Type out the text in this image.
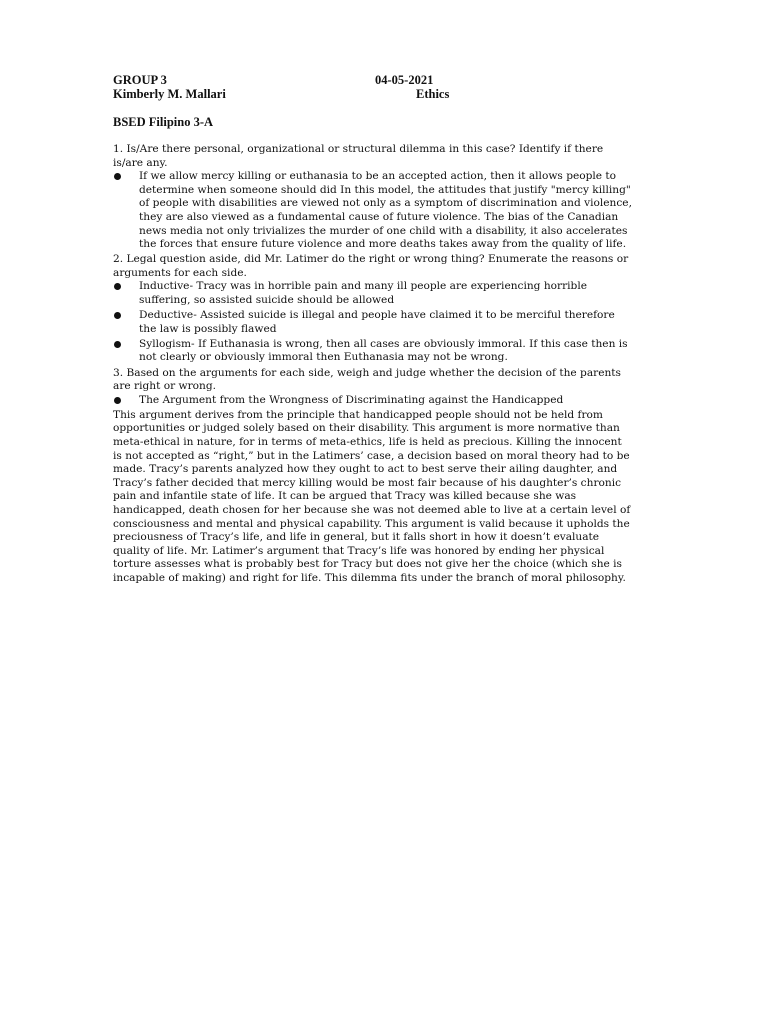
GROUP 3	04-05-2021
Kimberly M. Mallari	Ethics
BSED Filipino 3-A

1. Is/Are there personal, organizational or structural dilemma in this case? Identify if there is/are any.

If we allow mercy killing or euthanasia to be an accepted action, then it allows people to determine when someone should did In this model, the attitudes that justify "mercy killing" of people with disabilities are viewed not only as a symptom of discrimination and violence, they are also viewed as a fundamental cause of future violence. The bias of the Canadian news media not only trivializes the murder of one child with a disability, it also accelerates the forces that ensure future violence and more deaths takes away from the quality of life.

2. Legal question aside, did Mr. Latimer do the right or wrong thing? Enumerate the reasons or arguments for each side.

Inductive- Tracy was in horrible pain and many ill people are experiencing horrible suffering, so assisted suicide should be allowed
Deductive- Assisted suicide is illegal and people have claimed it to be merciful therefore the law is possibly flawed
Syllogism- If Euthanasia is wrong, then all cases are obviously immoral. If this case then is not clearly or obviously immoral then Euthanasia may not be wrong.

3. Based on the arguments for each side, weigh and judge whether the decision of the parents are right or wrong.

The Argument from the Wrongness of Discriminating against the Handicapped

This argument derives from the principle that handicapped people should not be held from opportunities or judged solely based on their disability. This argument is more normative than meta-ethical in nature, for in terms of meta-ethics, life is held as precious. Killing the innocent is not accepted as “right,” but in the Latimers’ case, a decision based on moral theory had to be made. Tracy’s parents analyzed how they ought to act to best serve their ailing daughter, and Tracy’s father decided that mercy killing would be most fair because of his daughter’s chronic pain and infantile state of life. It can be argued that Tracy was killed because she was handicapped, death chosen for her because she was not deemed able to live at a certain level of consciousness and mental and physical capability. This argument is valid because it upholds the preciousness of Tracy’s life, and life in general, but it falls short in how it doesn’t evaluate quality of life. Mr. Latimer’s argument that Tracy’s life was honored by ending her physical torture assesses what is probably best for Tracy but does not give her the choice (which she is incapable of making) and right for life. This dilemma fits under the branch of moral philosophy.
